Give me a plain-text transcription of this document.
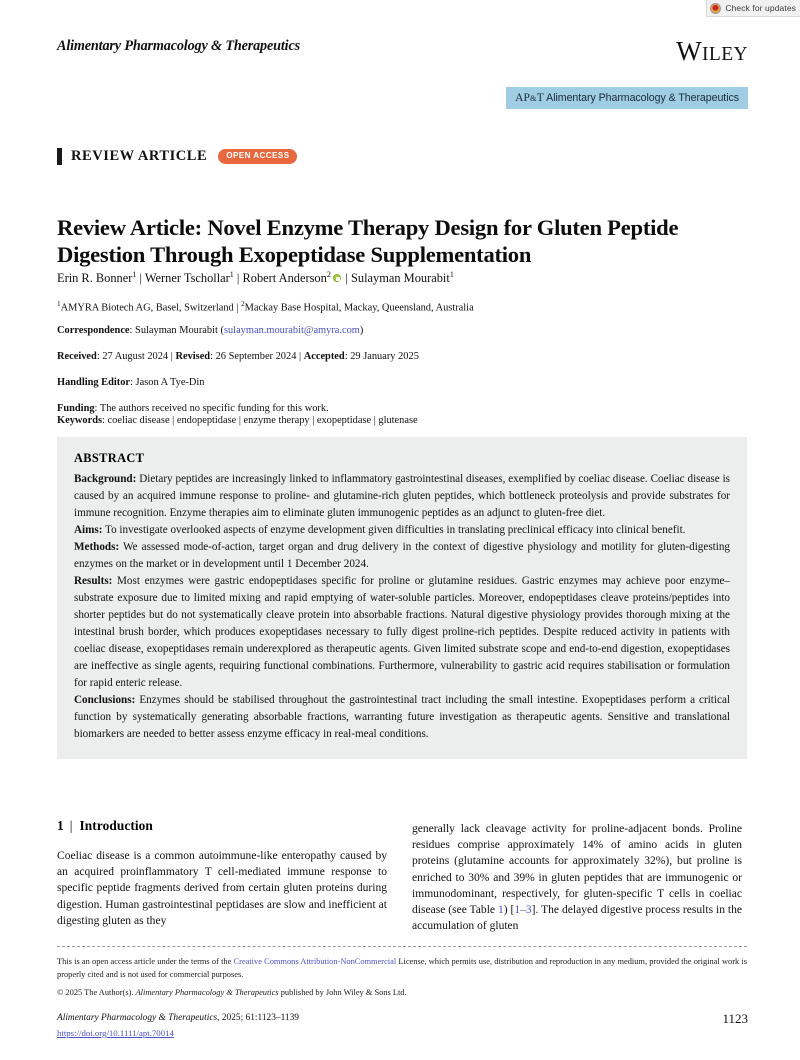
Check for updates
Alimentary Pharmacology & Therapeutics	WILEY
AP&T Alimentary Pharmacology & Therapeutics
REVIEW ARTICLE	OPEN ACCESS
Review Article: Novel Enzyme Therapy Design for Gluten Peptide Digestion Through Exopeptidase Supplementation
Erin R. Bonner$^1$ | Werner Tschollar$^1$ | Robert Anderson$^2$ | Sulayman Mourabit$^1$
$^1$AMYRA Biotech AG, Basel, Switzerland | $^2$Mackay Base Hospital, Mackay, Queensland, Australia
Correspondence: Sulayman Mourabit (sulayman.mourabit@amyra.com)
Received: 27 August 2024 | Revised: 26 September 2024 | Accepted: 29 January 2025
Handling Editor: Jason A Tye-Din
Funding: The authors received no specific funding for this work.
Keywords: coeliac disease | endopeptidase | enzyme therapy | exopeptidase | glutenase
ABSTRACT

Background: Dietary peptides are increasingly linked to inflammatory gastrointestinal diseases, exemplified by coeliac disease. Coeliac disease is caused by an acquired immune response to proline- and glutamine-rich gluten peptides, which bottleneck proteolysis and provide substrates for immune recognition. Enzyme therapies aim to eliminate gluten immunogenic peptides as an adjunct to gluten-free diet.

Aims: To investigate overlooked aspects of enzyme development given difficulties in translating preclinical efficacy into clinical benefit.

Methods: We assessed mode-of-action, target organ and drug delivery in the context of digestive physiology and motility for gluten-digesting enzymes on the market or in development until 1 December 2024.

Results: Most enzymes were gastric endopeptidases specific for proline or glutamine residues. Gastric enzymes may achieve poor enzyme–substrate exposure due to limited mixing and rapid emptying of water-soluble particles. Moreover, endopeptidases cleave proteins/peptides into shorter peptides but do not systematically cleave protein into absorbable fractions. Natural digestive physiology provides thorough mixing at the intestinal brush border, which produces exopeptidases necessary to fully digest proline-rich peptides. Despite reduced activity in patients with coeliac disease, exopeptidases remain underexplored as therapeutic agents. Given limited substrate scope and end-to-end digestion, exopeptidases are ineffective as single agents, requiring functional combinations. Furthermore, vulnerability to gastric acid requires stabilisation or formulation for rapid enteric release.

Conclusions: Enzymes should be stabilised throughout the gastrointestinal tract including the small intestine. Exopeptidases perform a critical function by systematically generating absorbable fractions, warranting future investigation as therapeutic agents. Sensitive and translational biomarkers are needed to better assess enzyme efficacy in real-meal conditions.

1 | Introduction
Coeliac disease is a common autoimmune-like enteropathy caused by an acquired proinflammatory T cell-mediated immune response to specific peptide fragments derived from certain gluten proteins during digestion. Human gastrointestinal peptidases are slow and inefficient at digesting gluten as they
generally lack cleavage activity for proline-adjacent bonds. Proline residues comprise approximately 14% of amino acids in gluten proteins (glutamine accounts for approximately 32%), but proline is enriched to 30% and 39% in gluten peptides that are immunogenic or immunodominant, respectively, for gluten-specific T cells in coeliac disease (see Table 1) [1–3]. The delayed digestive process results in the accumulation of gluten
This is an open access article under the terms of the Creative Commons Attribution-NonCommercial License, which permits use, distribution and reproduction in any medium, provided the original work is properly cited and is not used for commercial purposes.
© 2025 The Author(s). Alimentary Pharmacology & Therapeutics published by John Wiley & Sons Ltd.
Alimentary Pharmacology & Therapeutics, 2025; 61:1123–1139
https://doi.org/10.1111/apt.70014
1123
